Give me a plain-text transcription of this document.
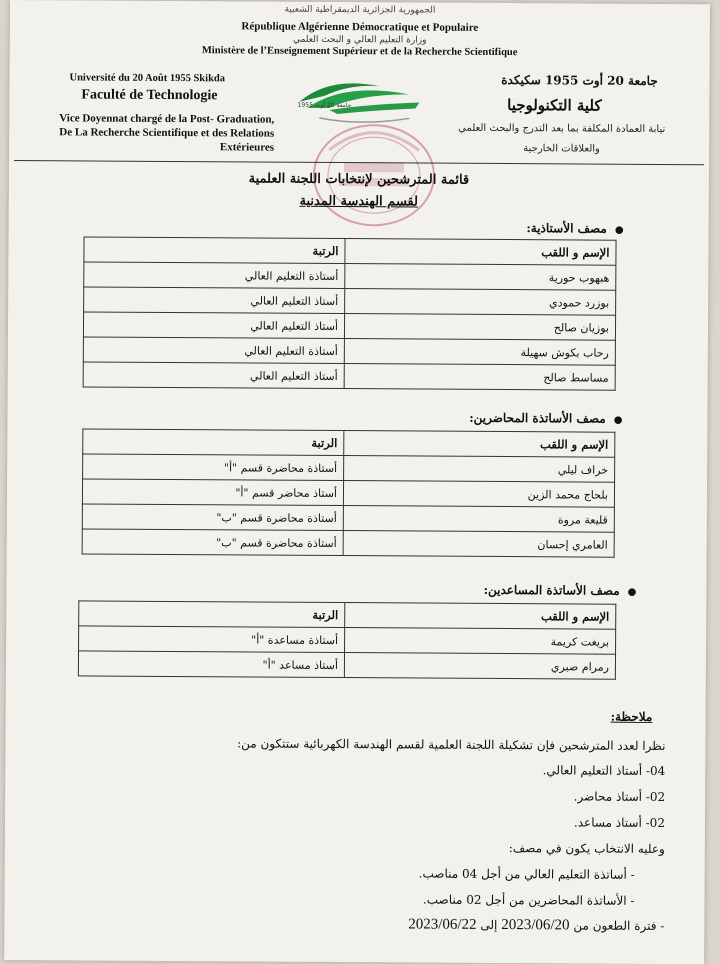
الجمهورية الجزائرية الديمقراطية الشعبية
République Algérienne Démocratique et Populaire
وزارة التعليم العالي و البحث العلمي
Ministère de l’Enseignement Supérieur et de la Recherche Scientifique
Université du 20 Août 1955 Skikda
Faculté de Technologie
Vice Doyennat chargé de la Post- Graduation,
De La Recherche Scientifique et des Relations
Extérieures
جامعة 20 أوت 1955 سكيكدة
كلية التكنولوجيا
نيابة العمادة المكلفة بما بعد التدرج والبحث العلمي
والعلاقات الخارجية
جامعة 20 أوت 1955
قائمة المترشحين لإنتخابات اللجنة العلمية
لقسم الهندسة المدنية
●مصف الأستاذية:
الإسم و اللقب	الرتبة
هبهوب حورية	أستاذة التعليم العالي
بوزرد حمودي	أستاذ التعليم العالي
بوزيان صالح	أستاذ التعليم العالي
رحاب بكوش سهيلة	أستاذة التعليم العالي
مساسط صالح	أستاذ التعليم العالي
●مصف الأساتذة المحاضرين:
الإسم و اللقب	الرتبة
خراف ليلي	أستاذة محاضرة قسم "أ"
بلحاج محمد الزين	أستاذ محاضر قسم "أ"
قليعة مروة	أستاذة محاضرة قسم "ب"
العامري إحسان	أستاذة محاضرة قسم "ب"
●مصف الأساتذة المساعدين:
الإسم و اللقب	الرتبة
بريغت كريمة	أستاذة مساعدة "أ"
رمرام صبري	أستاذ مساعد "أ"
ملاحظة:
نظرا لعدد المترشحين فإن تشكيلة اللجنة العلمية لقسم الهندسة الكهربائية ستتكون من:
04- أستاذ التعليم العالي.
02- أستاذ محاضر.
02- أستاذ مساعد.
وعليه الانتخاب يكون في مصف:
- أساتذة التعليم العالي من أجل 04 مناصب.
- الأساتذة المحاضرين من أجل 02 مناصب.
- فترة الطعون من 2023/06/20 إلى 2023/06/22
